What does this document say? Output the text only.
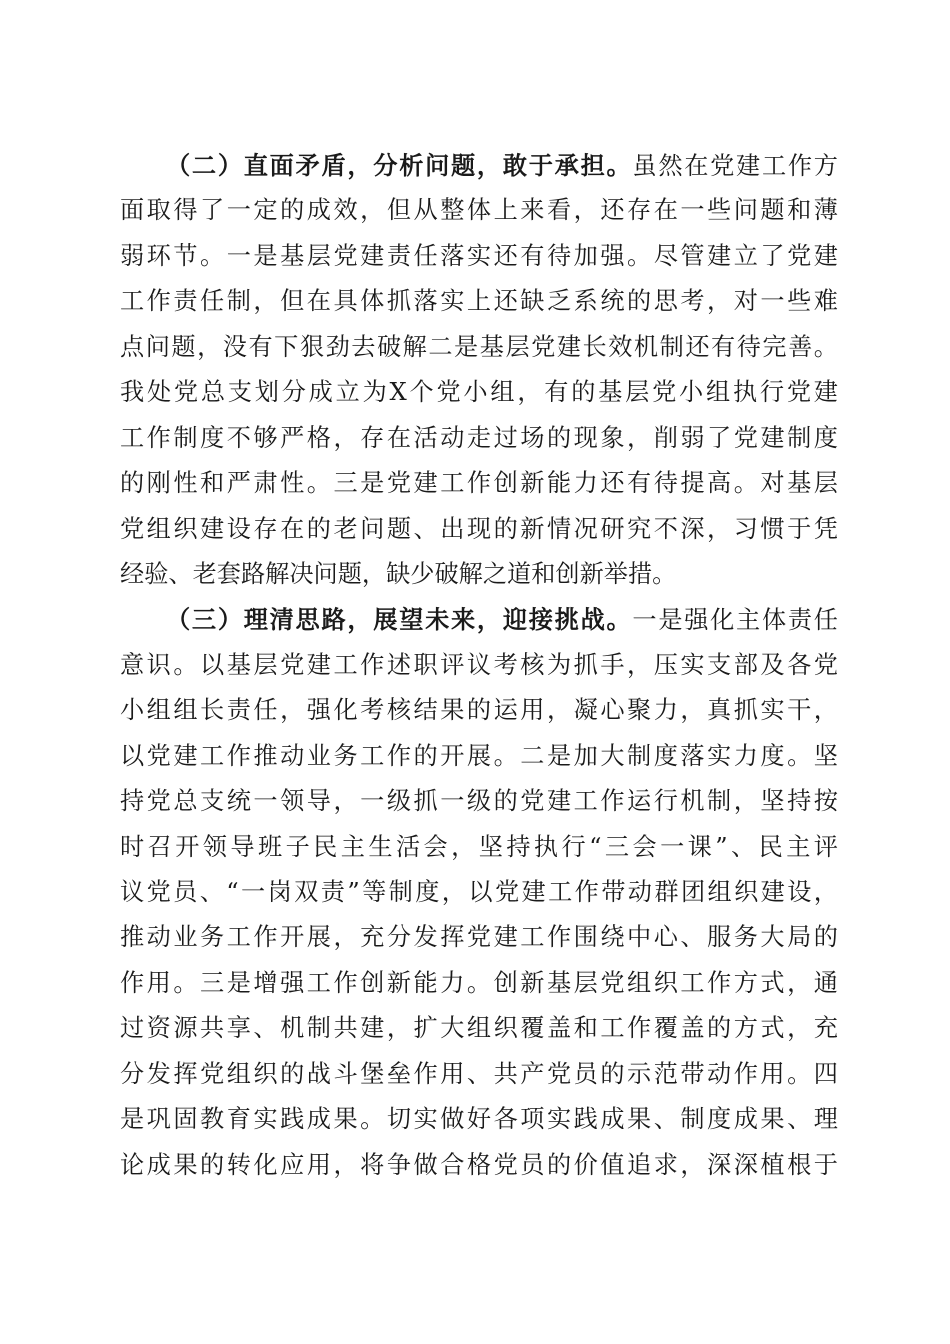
（二）直面矛盾，分析问题，敢于承担。虽然在党建工作方
面取得了一定的成效，但从整体上来看，还存在一些问题和薄
弱环节。一是基层党建责任落实还有待加强。尽管建立了党建
工作责任制，但在具体抓落实上还缺乏系统的思考，对一些难
点问题，没有下狠劲去破解二是基层党建长效机制还有待完善。
我处党总支划分成立为X个党小组，有的基层党小组执行党建
工作制度不够严格，存在活动走过场的现象，削弱了党建制度
的刚性和严肃性。三是党建工作创新能力还有待提高。对基层
党组织建设存在的老问题、出现的新情况研究不深，习惯于凭
经验、老套路解决问题，缺少破解之道和创新举措。
（三）理清思路，展望未来，迎接挑战。一是强化主体责任
意识。以基层党建工作述职评议考核为抓手，压实支部及各党
小组组长责任，强化考核结果的运用，凝心聚力，真抓实干，
以党建工作推动业务工作的开展。二是加大制度落实力度。坚
持党总支统一领导，一级抓一级的党建工作运行机制，坚持按
时召开领导班子民主生活会，坚持执行“三会一课”、民主评
议党员、“一岗双责”等制度，以党建工作带动群团组织建设，
推动业务工作开展，充分发挥党建工作围绕中心、服务大局的
作用。三是增强工作创新能力。创新基层党组织工作方式，通
过资源共享、机制共建，扩大组织覆盖和工作覆盖的方式，充
分发挥党组织的战斗堡垒作用、共产党员的示范带动作用。四
是巩固教育实践成果。切实做好各项实践成果、制度成果、理
论成果的转化应用，将争做合格党员的价值追求，深深植根于
